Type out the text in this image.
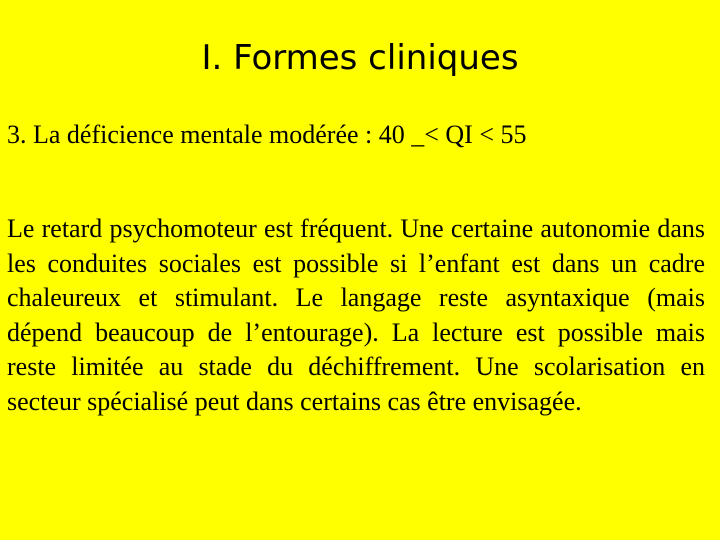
I. Formes cliniques

3. La déficience mentale modérée : 40 _< QI < 55

Le retard psychomoteur est fréquent. Une certaine autonomie dans les conduites sociales est possible si l’enfant est dans un cadre chaleureux et stimulant. Le langage reste asyntaxique (mais dépend beaucoup de l’entourage). La lecture est possible mais reste limitée au stade du déchiffrement. Une scolarisation en secteur spécialisé peut dans certains cas être envisagée.
